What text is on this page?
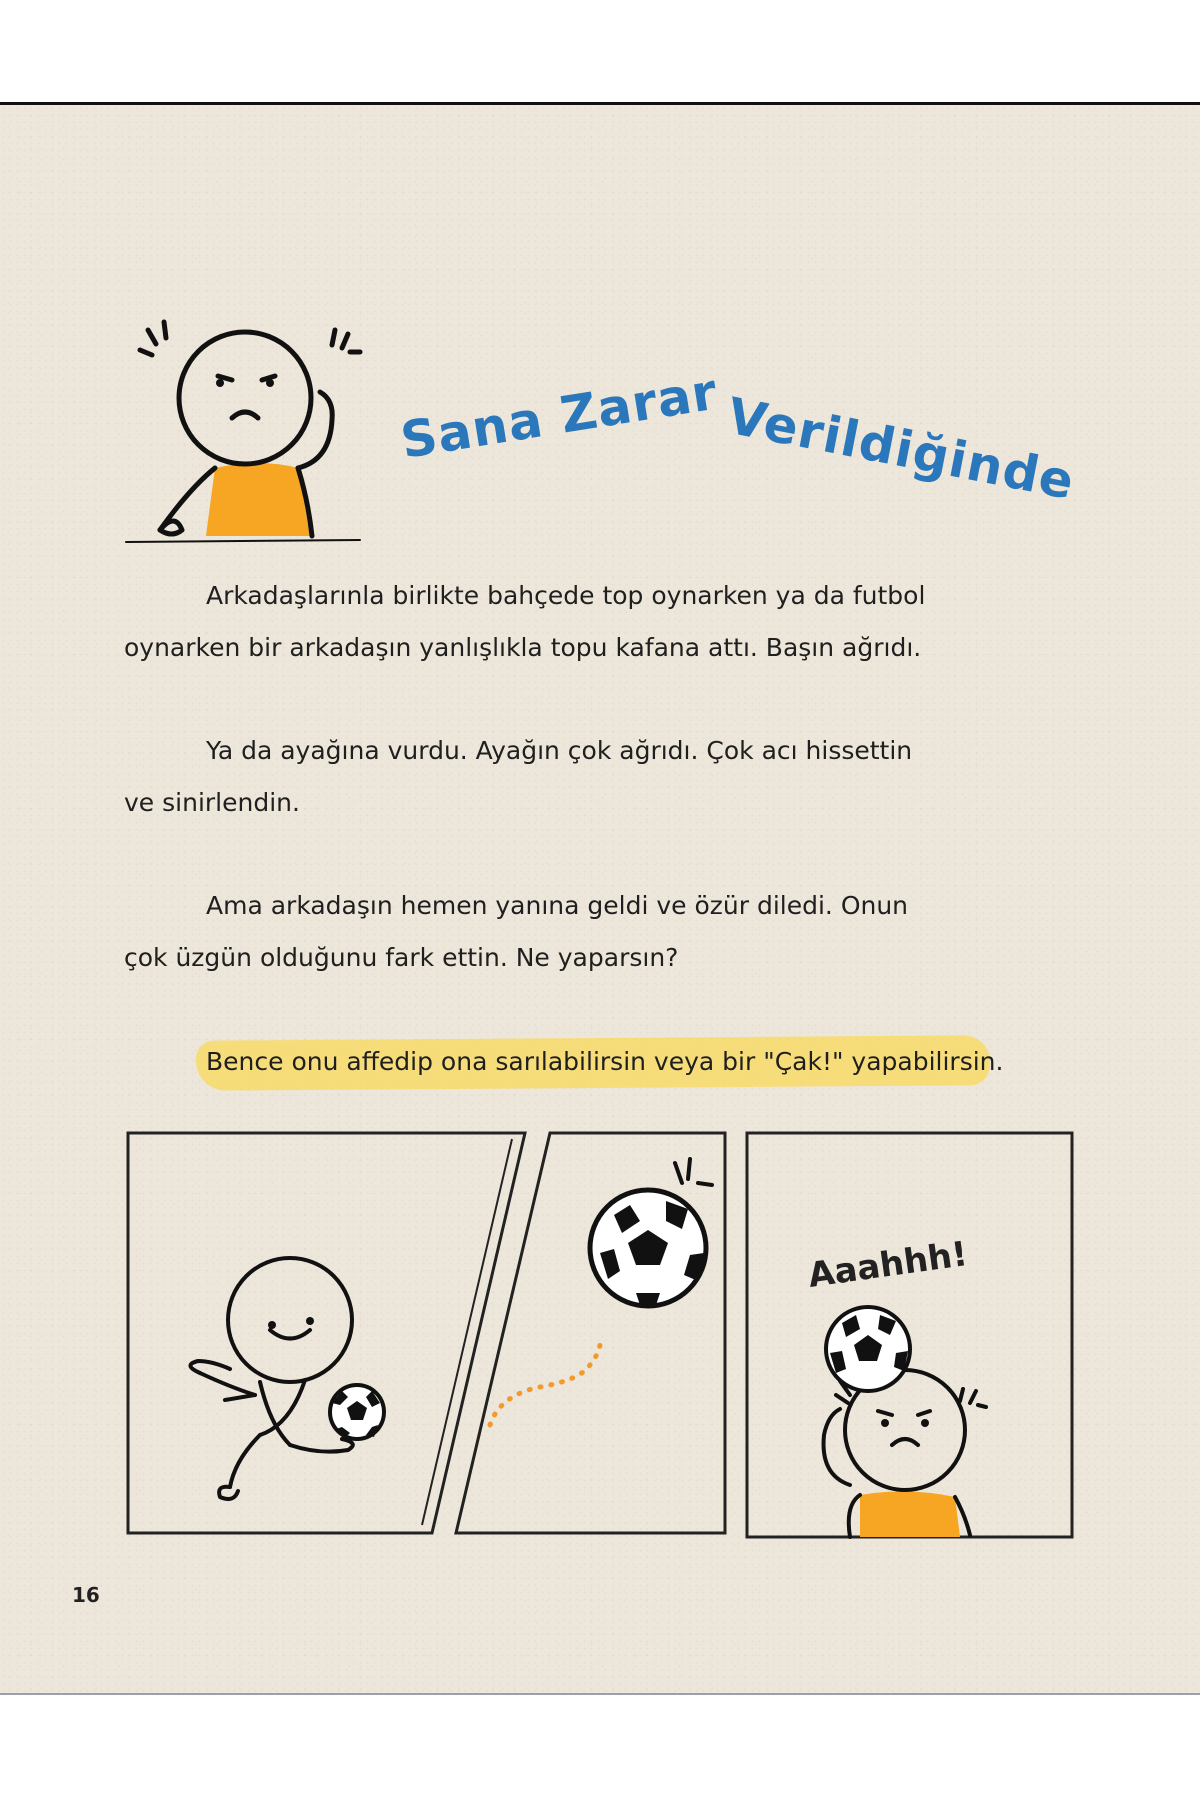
Sana Zarar Verildiğinde
Arkadaşlarınla birlikte bahçede top oynarken ya da futbol
oynarken bir arkadaşın yanlışlıkla topu kafana attı. Başın ağrıdı.
Ya da ayağına vurdu. Ayağın çok ağrıdı. Çok acı hissettin
ve sinirlendin.
Ama arkadaşın hemen yanına geldi ve özür diledi. Onun
çok üzgün olduğunu fark ettin. Ne yaparsın?
Bence onu affedip ona sarılabilirsin veya bir "Çak!" yapabilirsin.
Aaahhh!
16
